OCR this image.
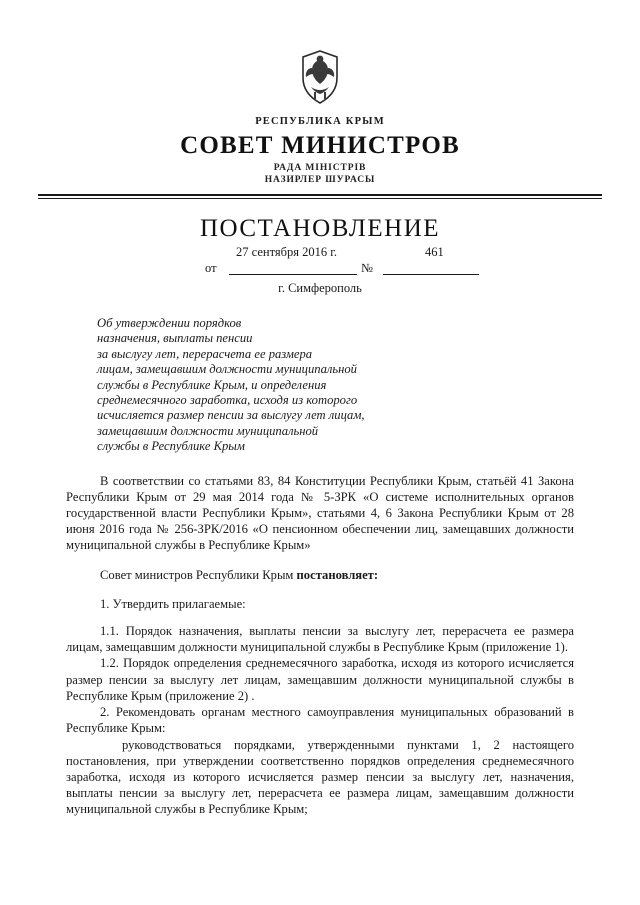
РЕСПУБЛИКА КРЫМ
СОВЕТ МИНИСТРОВ
РАДА МІНІСТРІВ
НАЗИРЛЕР ШУРАСЫ
ПОСТАНОВЛЕНИЕ
27 сентября 2016 г.	461
от	№
г. Симферополь
Об утверждении порядков
назначения, выплаты пенсии
за выслугу лет, перерасчета ее размера
лицам, замещавшим должности муниципальной
службы в Республике Крым, и определения
среднемесячного заработка, исходя из которого
исчисляется размер пенсии за выслугу лет лицам,
замещавшим должности муниципальной
службы в Республике Крым

В соответствии со статьями 83, 84 Конституции Республики Крым, статьёй 41 Закона Республики Крым от 29 мая 2014 года № 5-ЗРК «О системе исполнительных органов государственной власти Республики Крым», статьями 4, 6 Закона Республики Крым от 28 июня 2016 года № 256-ЗРК/2016 «О пенсионном обеспечении лиц, замещавших должности муниципальной службы в Республике Крым»

Совет министров Республики Крым постановляет:

1. Утвердить прилагаемые:

1.1. Порядок назначения, выплаты пенсии за выслугу лет, перерасчета ее размера лицам, замещавшим должности муниципальной службы в Республике Крым (приложение 1).

1.2. Порядок определения среднемесячного заработка, исходя из которого исчисляется размер пенсии за выслугу лет лицам, замещавшим должности муниципальной службы в Республике Крым (приложение 2) .

2. Рекомендовать органам местного самоуправления муниципальных образований в Республике Крым:

руководствоваться порядками, утвержденными пунктами 1, 2 настоящего постановления, при утверждении соответственно порядков определения среднемесячного заработка, исходя из которого исчисляется размер пенсии за выслугу лет, назначения, выплаты пенсии за выслугу лет, перерасчета ее размера лицам, замещавшим должности муниципальной службы в Республике Крым;
